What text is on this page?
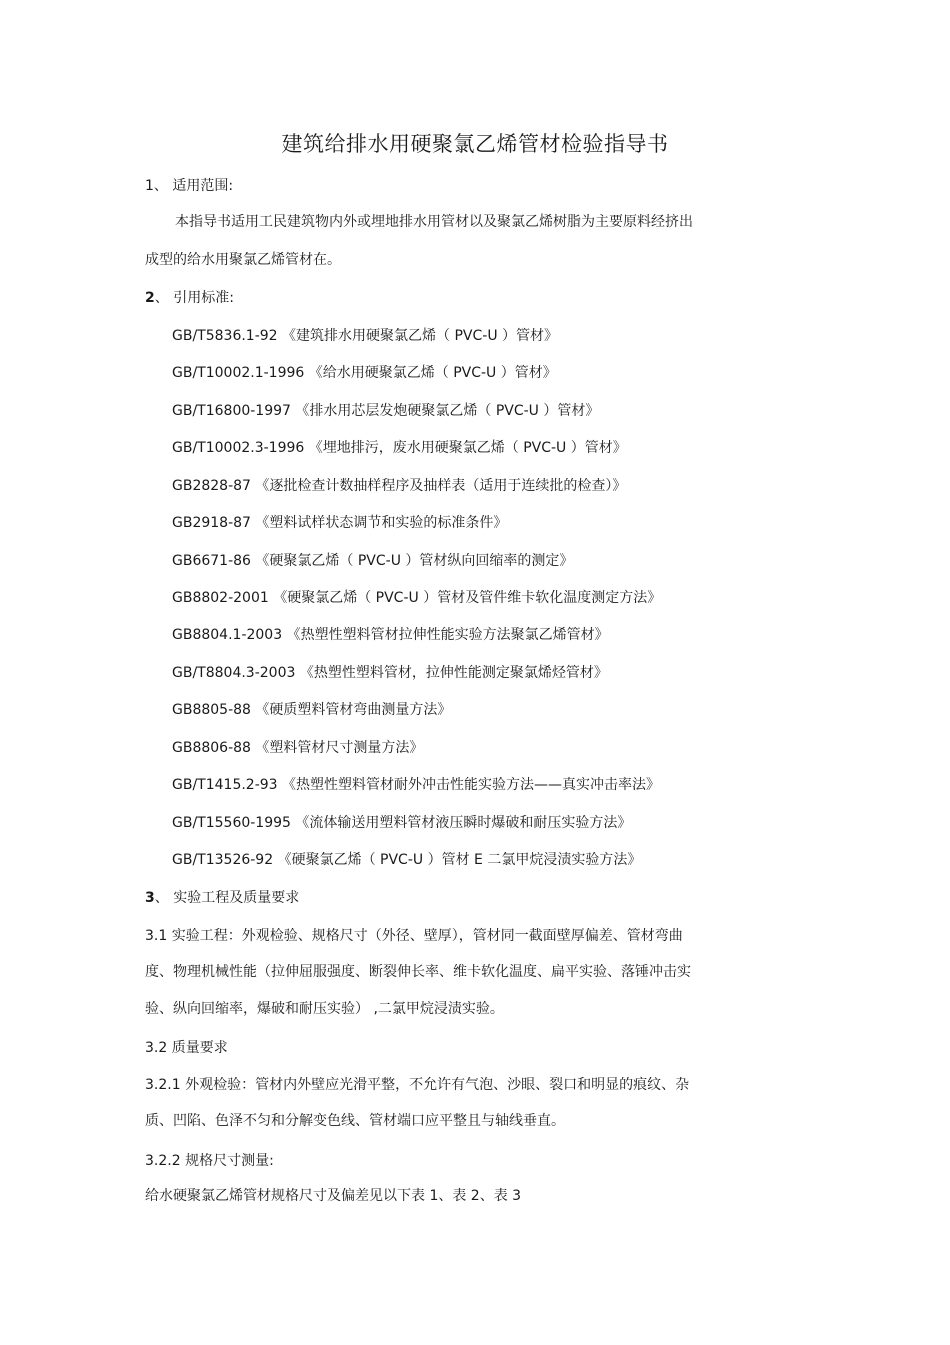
建筑给排水用硬聚氯乙烯管材检验指导书
1、 适用范围:
本指导书适用工民建筑物内外或埋地排水用管材以及聚氯乙烯树脂为主要原料经挤出
成型的给水用聚氯乙烯管材在。
2、 引用标准:
GB/T5836.1-92 《建筑排水用硬聚氯乙烯（ PVC-U ）管材》
GB/T10002.1-1996 《给水用硬聚氯乙烯（ PVC-U ）管材》
GB/T16800-1997 《排水用芯层发炮硬聚氯乙烯（ PVC-U ）管材》
GB/T10002.3-1996 《埋地排污，废水用硬聚氯乙烯（ PVC-U ）管材》
GB2828-87 《逐批检查计数抽样程序及抽样表（适用于连续批的检查）》
GB2918-87 《塑料试样状态调节和实验的标准条件》
GB6671-86 《硬聚氯乙烯（ PVC-U ）管材纵向回缩率的测定》
GB8802-2001 《硬聚氯乙烯（ PVC-U ）管材及管件维卡软化温度测定方法》
GB8804.1-2003 《热塑性塑料管材拉伸性能实验方法聚氯乙烯管材》
GB/T8804.3-2003 《热塑性塑料管材，拉伸性能测定聚氯烯烃管材》
GB8805-88 《硬质塑料管材弯曲测量方法》
GB8806-88 《塑料管材尺寸测量方法》
GB/T1415.2-93 《热塑性塑料管材耐外冲击性能实验方法——真实冲击率法》
GB/T15560-1995 《流体输送用塑料管材液压瞬时爆破和耐压实验方法》
GB/T13526-92 《硬聚氯乙烯（ PVC-U ）管材 E 二氯甲烷浸渍实验方法》
3、 实验工程及质量要求
3.1 实验工程：外观检验、规格尺寸（外径、壁厚），管材同一截面壁厚偏差、管材弯曲
度、物理机械性能（拉伸屈服强度、断裂伸长率、维卡软化温度、扁平实验、落锤冲击实
验、纵向回缩率，爆破和耐压实验） ,二氯甲烷浸渍实验。
3.2 质量要求
3.2.1 外观检验：管材内外壁应光滑平整，不允许有气泡、沙眼、裂口和明显的痕纹、杂
质、凹陷、色泽不匀和分解变色线、管材端口应平整且与轴线垂直。
3.2.2 规格尺寸测量:
给水硬聚氯乙烯管材规格尺寸及偏差见以下表 1、表 2、表 3
